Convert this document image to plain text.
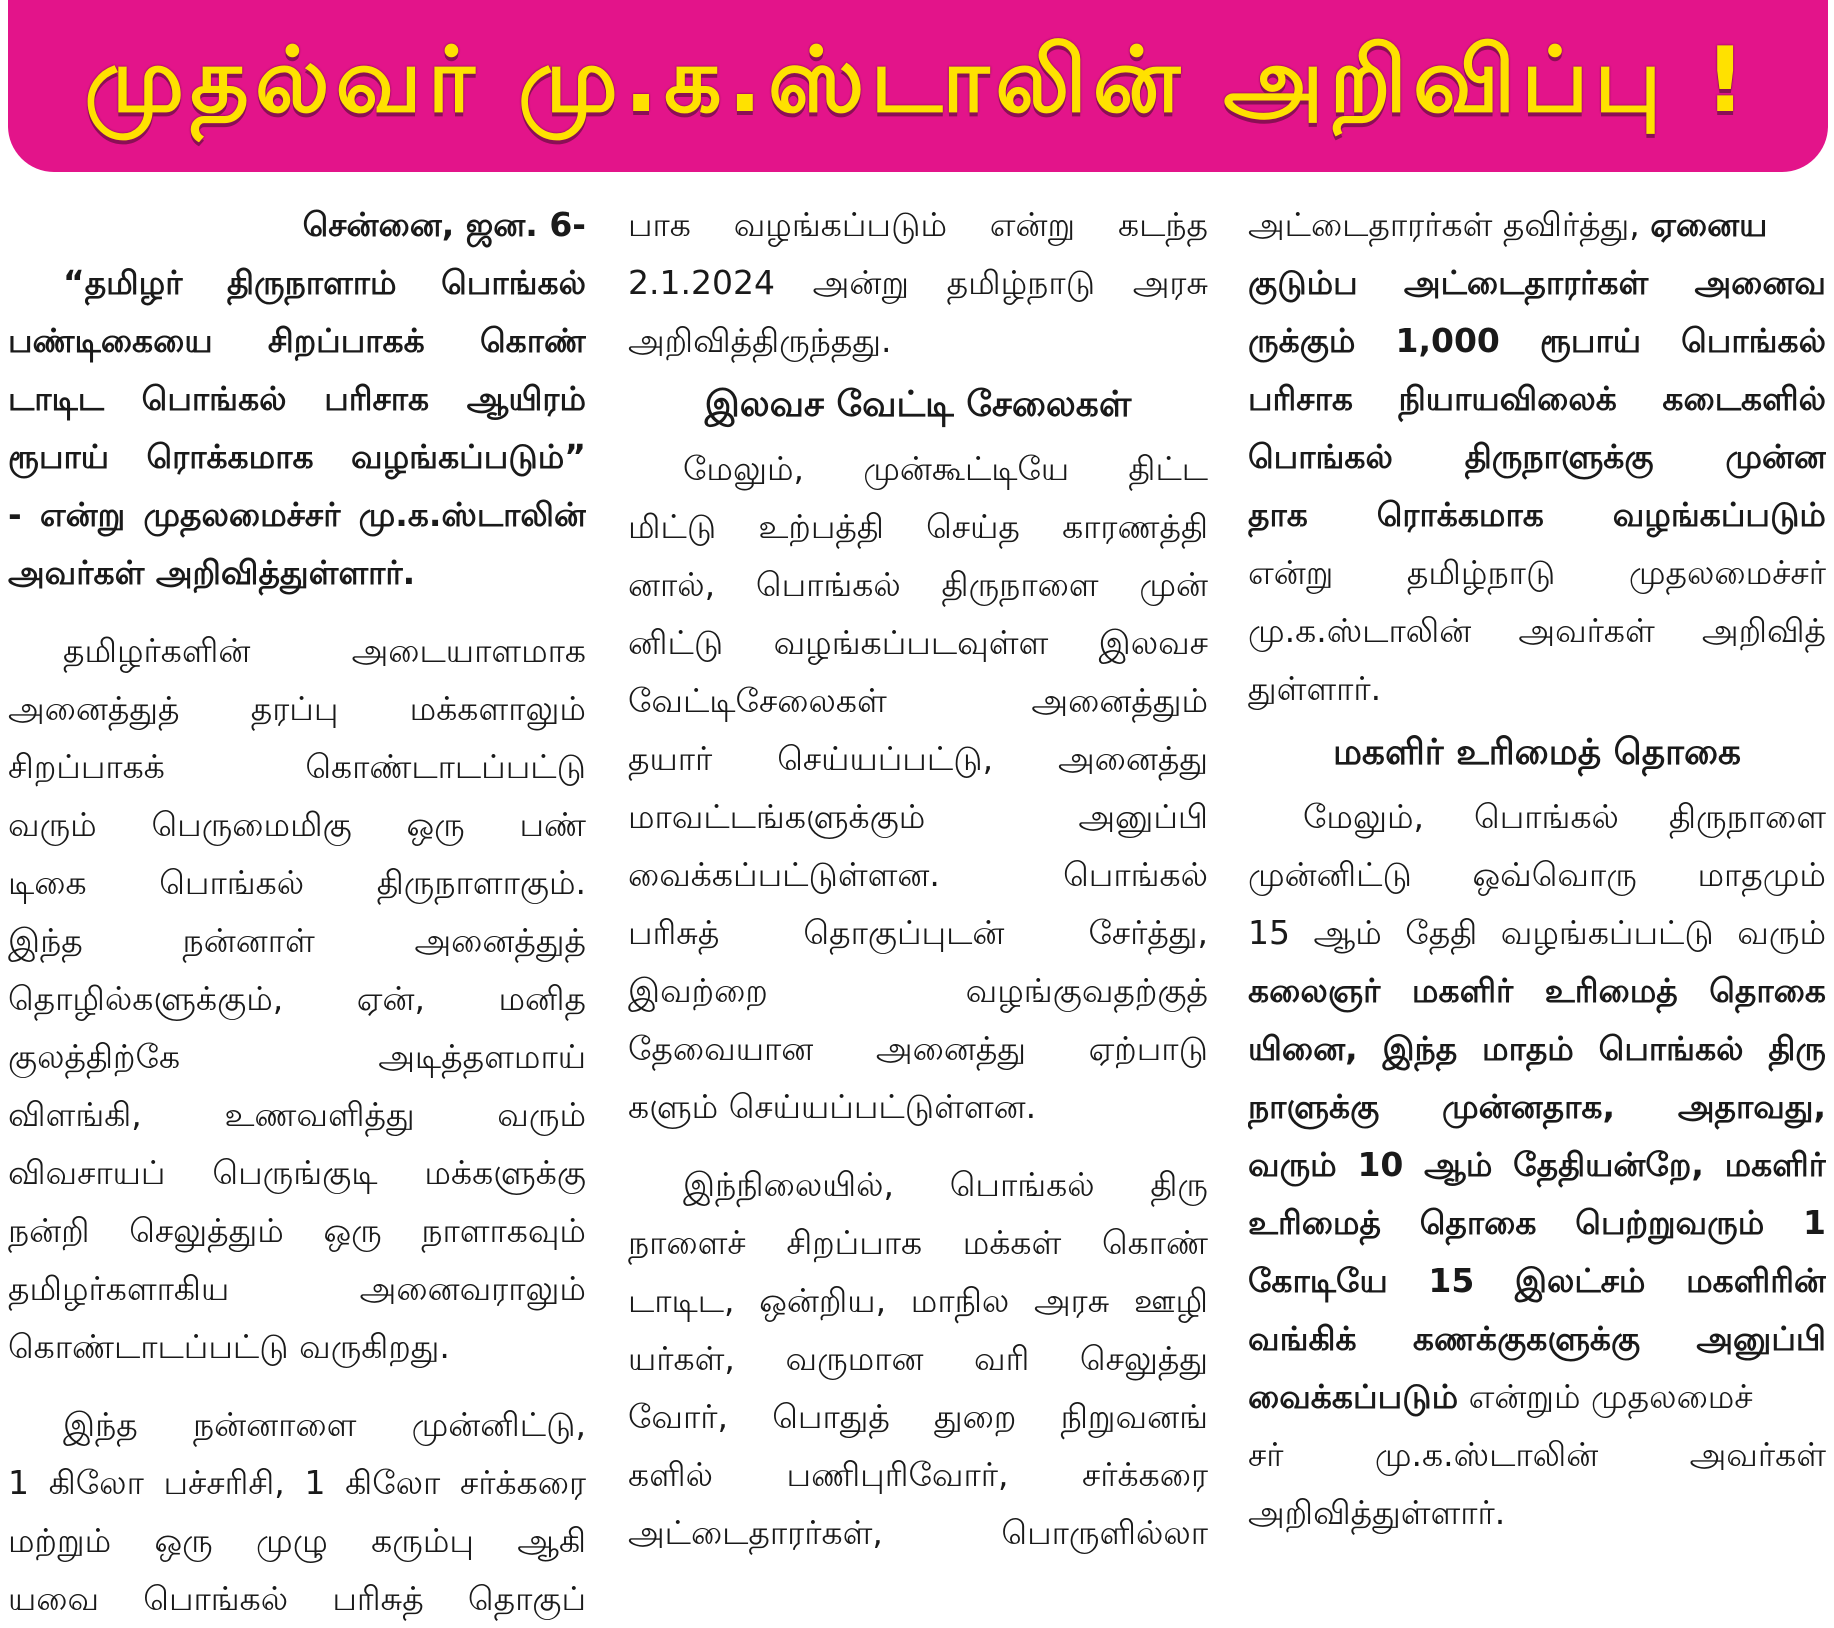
முதல்வர் மு.க.ஸ்டாலின் அறிவிப்பு !
சென்னை, ஜன. 6-
“தமிழர் திருநாளாம் பொங்கல்
பண்டிகையை சிறப்பாகக் கொண்
டாடிட பொங்கல் பரிசாக ஆயிரம்
ரூபாய் ரொக்கமாக வழங்கப்படும்”
- என்று முதலமைச்சர் மு.க.ஸ்டாலின்
அவர்கள் அறிவித்துள்ளார்.
தமிழர்களின் அடையாளமாக
அனைத்துத் தரப்பு மக்களாலும்
சிறப்பாகக் கொண்டாடப்பட்டு
வரும் பெருமைமிகு ஒரு பண்
டிகை பொங்கல் திருநாளாகும்.
இந்த நன்னாள் அனைத்துத்
தொழில்களுக்கும், ஏன், மனித
குலத்திற்கே அடித்தளமாய்
விளங்கி, உணவளித்து வரும்
விவசாயப் பெருங்குடி மக்களுக்கு
நன்றி செலுத்தும் ஒரு நாளாகவும்
தமிழர்களாகிய அனைவராலும்
கொண்டாடப்பட்டு வருகிறது.
இந்த நன்னாளை முன்னிட்டு,
1 கிலோ பச்சரிசி, 1 கிலோ சர்க்கரை
மற்றும் ஒரு முழு கரும்பு ஆகி
யவை பொங்கல் பரிசுத் தொகுப்
பாக வழங்கப்படும் என்று கடந்த
2.1.2024 அன்று தமிழ்நாடு அரசு
அறிவித்திருந்தது.
இலவச வேட்டி சேலைகள்
மேலும், முன்கூட்டியே திட்ட
மிட்டு உற்பத்தி செய்த காரணத்தி
னால், பொங்கல் திருநாளை முன்
னிட்டு வழங்கப்படவுள்ள இலவச
வேட்டிசேலைகள் அனைத்தும்
தயார் செய்யப்பட்டு, அனைத்து
மாவட்டங்களுக்கும் அனுப்பி
வைக்கப்பட்டுள்ளன. பொங்கல்
பரிசுத் தொகுப்புடன் சேர்த்து,
இவற்றை வழங்குவதற்குத்
தேவையான அனைத்து ஏற்பாடு
களும் செய்யப்பட்டுள்ளன.
இந்நிலையில், பொங்கல் திரு
நாளைச் சிறப்பாக மக்கள் கொண்
டாடிட, ஒன்றிய, மாநில அரசு ஊழி
யர்கள், வருமான வரி செலுத்து
வோர், பொதுத் துறை நிறுவனங்
களில் பணிபுரிவோர், சர்க்கரை
அட்டைதாரர்கள், பொருளில்லா
அட்டைதாரர்கள் தவிர்த்து, ஏனைய
குடும்ப அட்டைதாரர்கள் அனைவ
ருக்கும் 1,000 ரூபாய் பொங்கல்
பரிசாக நியாயவிலைக் கடைகளில்
பொங்கல் திருநாளுக்கு முன்ன
தாக ரொக்கமாக வழங்கப்படும்
என்று தமிழ்நாடு முதலமைச்சர்
மு.க.ஸ்டாலின் அவர்கள் அறிவித்
துள்ளார்.
மகளிர் உரிமைத் தொகை
மேலும், பொங்கல் திருநாளை
முன்னிட்டு ஒவ்வொரு மாதமும்
15 ஆம் தேதி வழங்கப்பட்டு வரும்
கலைஞர் மகளிர் உரிமைத் தொகை
யினை, இந்த மாதம் பொங்கல் திரு
நாளுக்கு முன்னதாக, அதாவது,
வரும் 10 ஆம் தேதியன்றே, மகளிர்
உரிமைத் தொகை பெற்றுவரும் 1
கோடியே 15 இலட்சம் மகளிரின்
வங்கிக் கணக்குகளுக்கு அனுப்பி
வைக்கப்படும் என்றும் முதலமைச்
சர் மு.க.ஸ்டாலின் அவர்கள்
அறிவித்துள்ளார்.
